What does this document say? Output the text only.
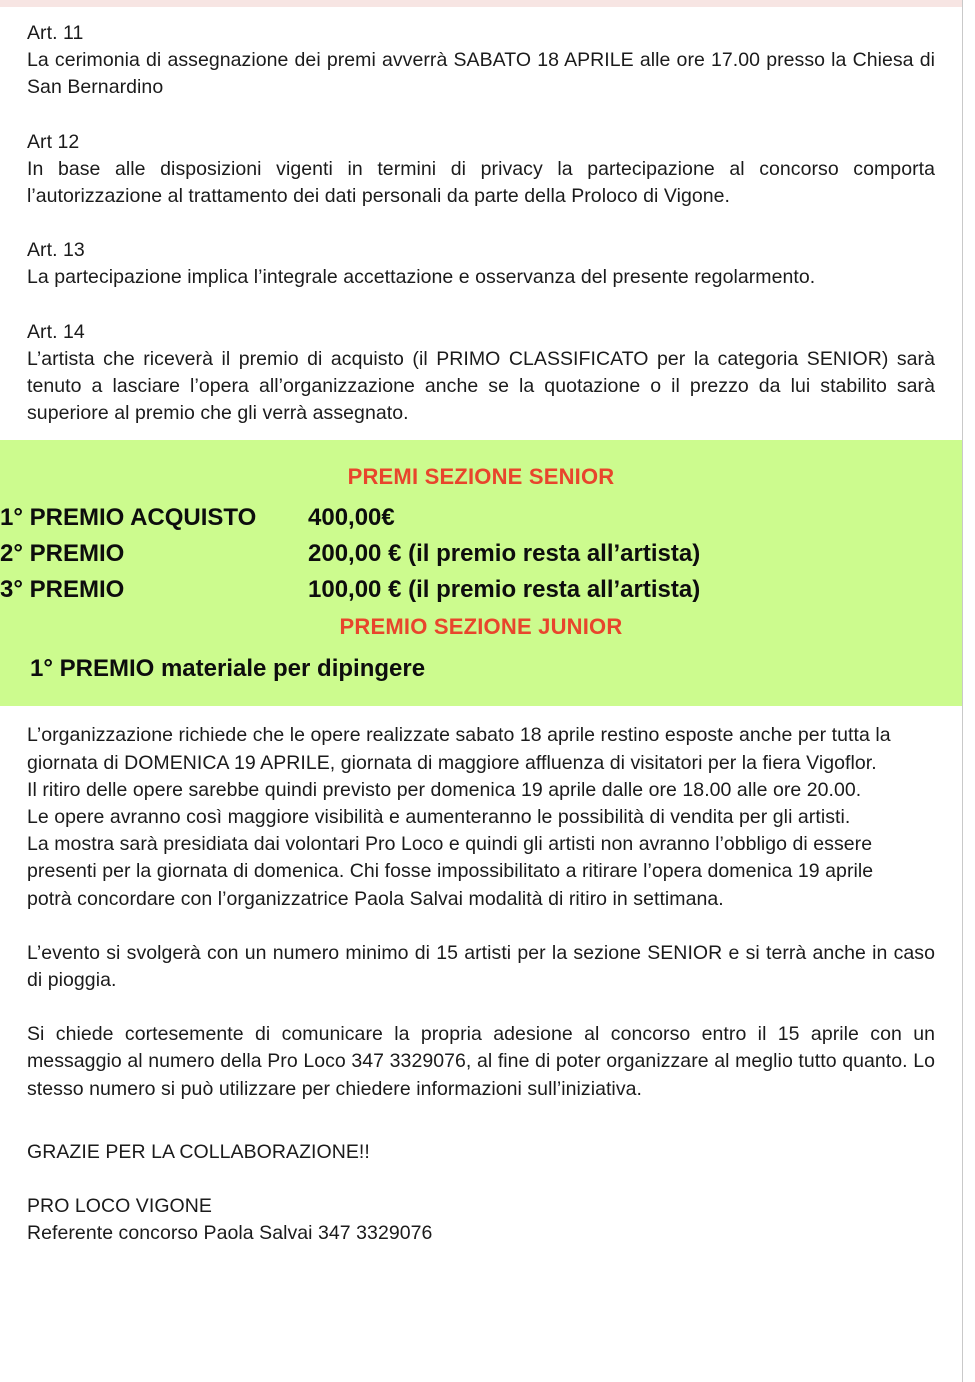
Art. 11

La cerimonia di assegnazione dei premi avverrà SABATO 18 APRILE alle ore 17.00 presso la Chiesa di San Bernardino

Art 12

In base alle disposizioni vigenti in termini di privacy la partecipazione al concorso comporta l’autorizzazione al trattamento dei dati personali da parte della Proloco di Vigone.

Art. 13

La partecipazione implica l’integrale accettazione e osservanza del presente regolarmento.

Art. 14

L’artista che riceverà il premio di acquisto (il PRIMO CLASSIFICATO per la categoria SENIOR) sarà tenuto a lasciare l’opera all’organizzazione anche se la quotazione o il prezzo da lui stabilito sarà superiore al premio che gli verrà assegnato.

PREMI SEZIONE SENIOR

1° PREMIO ACQUISTO	400,00€
2° PREMIO	200,00 € (il premio resta all’artista)
3° PREMIO	100,00 € (il premio resta all’artista)

PREMIO SEZIONE JUNIOR

1° PREMIO materiale per dipingere

L’organizzazione richiede che le opere realizzate sabato 18 aprile restino esposte anche per tutta la

giornata di DOMENICA 19 APRILE, giornata di maggiore affluenza di visitatori per la fiera Vigoflor.

Il ritiro delle opere sarebbe quindi previsto per domenica 19 aprile dalle ore 18.00 alle ore 20.00.

Le opere avranno così maggiore visibilità e aumenteranno le possibilità di vendita per gli artisti.

La mostra sarà presidiata dai volontari Pro Loco e quindi gli artisti non avranno l’obbligo di essere

presenti per la giornata di domenica. Chi fosse impossibilitato a ritirare l’opera domenica 19 aprile

potrà concordare con l’organizzatrice Paola Salvai modalità di ritiro in settimana.

L’evento si svolgerà con un numero minimo di 15 artisti per la sezione SENIOR e si terrà anche in caso di pioggia.

Si chiede cortesemente di comunicare la propria adesione al concorso entro il 15 aprile con un messaggio al numero della Pro Loco 347 3329076, al fine di poter organizzare al meglio tutto quanto. Lo stesso numero si può utilizzare per chiedere informazioni sull’iniziativa.

GRAZIE PER LA COLLABORAZIONE!!

PRO LOCO VIGONE

Referente concorso Paola Salvai 347 3329076
